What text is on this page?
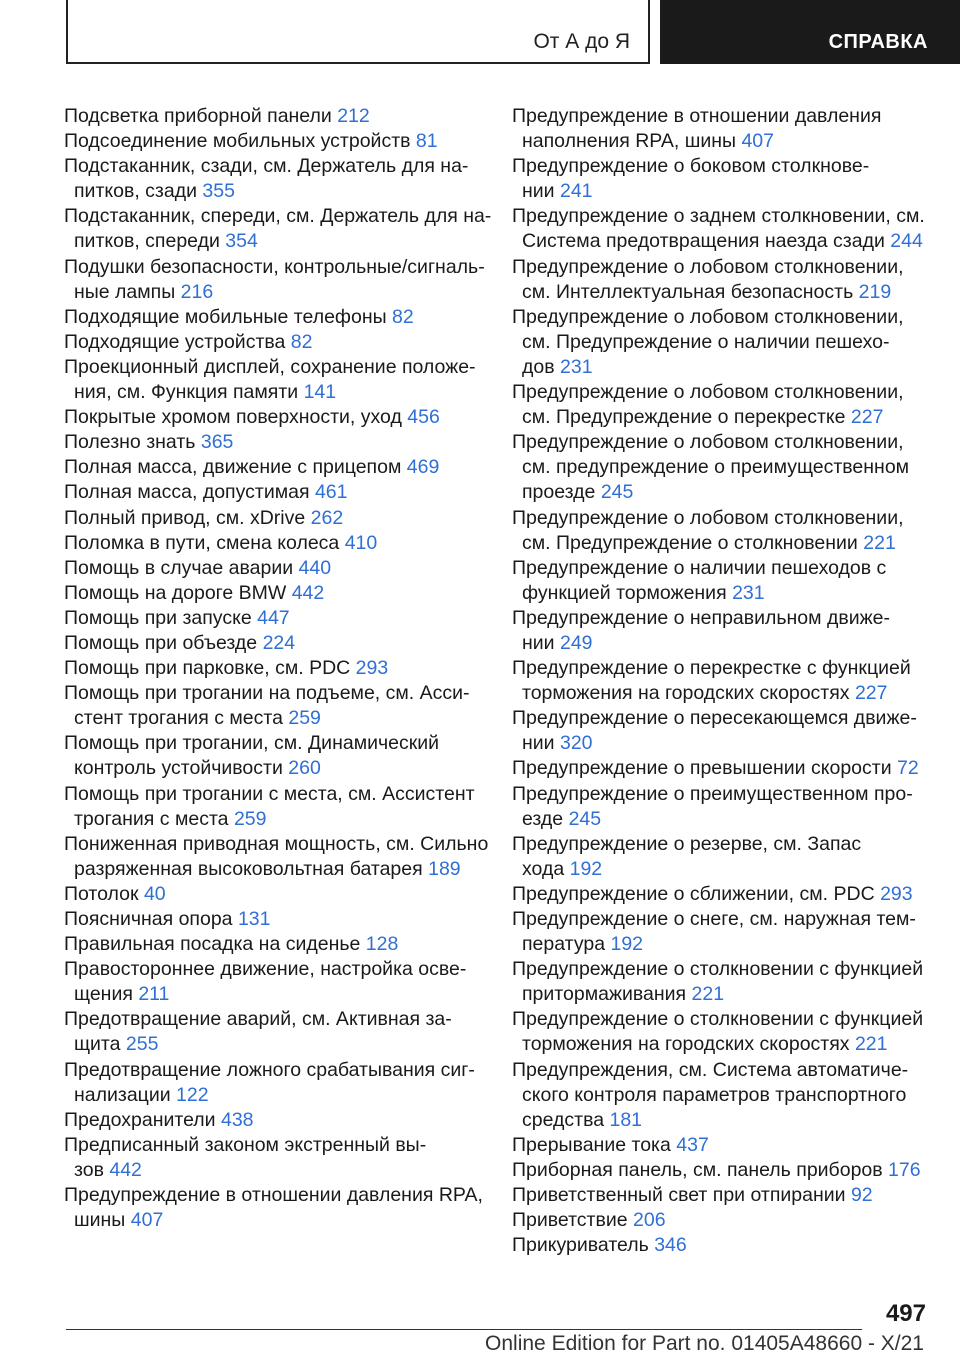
От А до Я	СПРАВКА
Подсветка приборной панели 212
Подсоединение мобильных устройств 81
Подстаканник, сзади, см. Держатель для на-
питков, сзади 355
Подстаканник, спереди, см. Держатель для на-
питков, спереди 354
Подушки безопасности, контрольные/сигналь-
ные лампы 216
Подходящие мобильные телефоны 82
Подходящие устройства 82
Проекционный дисплей, сохранение положе-
ния, см. Функция памяти 141
Покрытые хромом поверхности, уход 456
Полезно знать 365
Полная масса, движение с прицепом 469
Полная масса, допустимая 461
Полный привод, см. xDrive 262
Поломка в пути, смена колеса 410
Помощь в случае аварии 440
Помощь на дороге BMW 442
Помощь при запуске 447
Помощь при объезде 224
Помощь при парковке, см. PDC 293
Помощь при трогании на подъеме, см. Асси-
стент трогания с места 259
Помощь при трогании, см. Динамический
контроль устойчивости 260
Помощь при трогании с места, см. Ассистент
трогания с места 259
Пониженная приводная мощность, см. Сильно
разряженная высоковольтная батарея 189
Потолок 40
Поясничная опора 131
Правильная посадка на сиденье 128
Правостороннее движение, настройка осве-
щения 211
Предотвращение аварий, см. Активная за-
щита 255
Предотвращение ложного срабатывания сиг-
нализации 122
Предохранители 438
Предписанный законом экстренный вы-
зов 442
Предупреждение в отношении давления RPA,
шины 407
Предупреждение в отношении давления
наполнения RPA, шины 407
Предупреждение о боковом столкнове-
нии 241
Предупреждение о заднем столкновении, см.
Система предотвращения наезда сзади 244
Предупреждение о лобовом столкновении,
см. Интеллектуальная безопасность 219
Предупреждение о лобовом столкновении,
см. Предупреждение о наличии пешехо-
дов 231
Предупреждение о лобовом столкновении,
см. Предупреждение о перекрестке 227
Предупреждение о лобовом столкновении,
см. предупреждение о преимущественном
проезде 245
Предупреждение о лобовом столкновении,
см. Предупреждение о столкновении 221
Предупреждение о наличии пешеходов с
функцией торможения 231
Предупреждение о неправильном движе-
нии 249
Предупреждение о перекрестке с функцией
торможения на городских скоростях 227
Предупреждение о пересекающемся движе-
нии 320
Предупреждение о превышении скорости 72
Предупреждение о преимущественном про-
езде 245
Предупреждение о резерве, см. Запас
хода 192
Предупреждение о сближении, см. PDC 293
Предупреждение о снеге, см. наружная тем-
пература 192
Предупреждение о столкновении с функцией
притормаживания 221
Предупреждение о столкновении с функцией
торможения на городских скоростях 221
Предупреждения, см. Система автоматиче-
ского контроля параметров транспортного
средства 181
Прерывание тока 437
Приборная панель, см. панель приборов 176
Приветственный свет при отпирании 92
Приветствие 206
Прикуриватель 346
497
Online Edition for Part no. 01405A48660 - X/21
